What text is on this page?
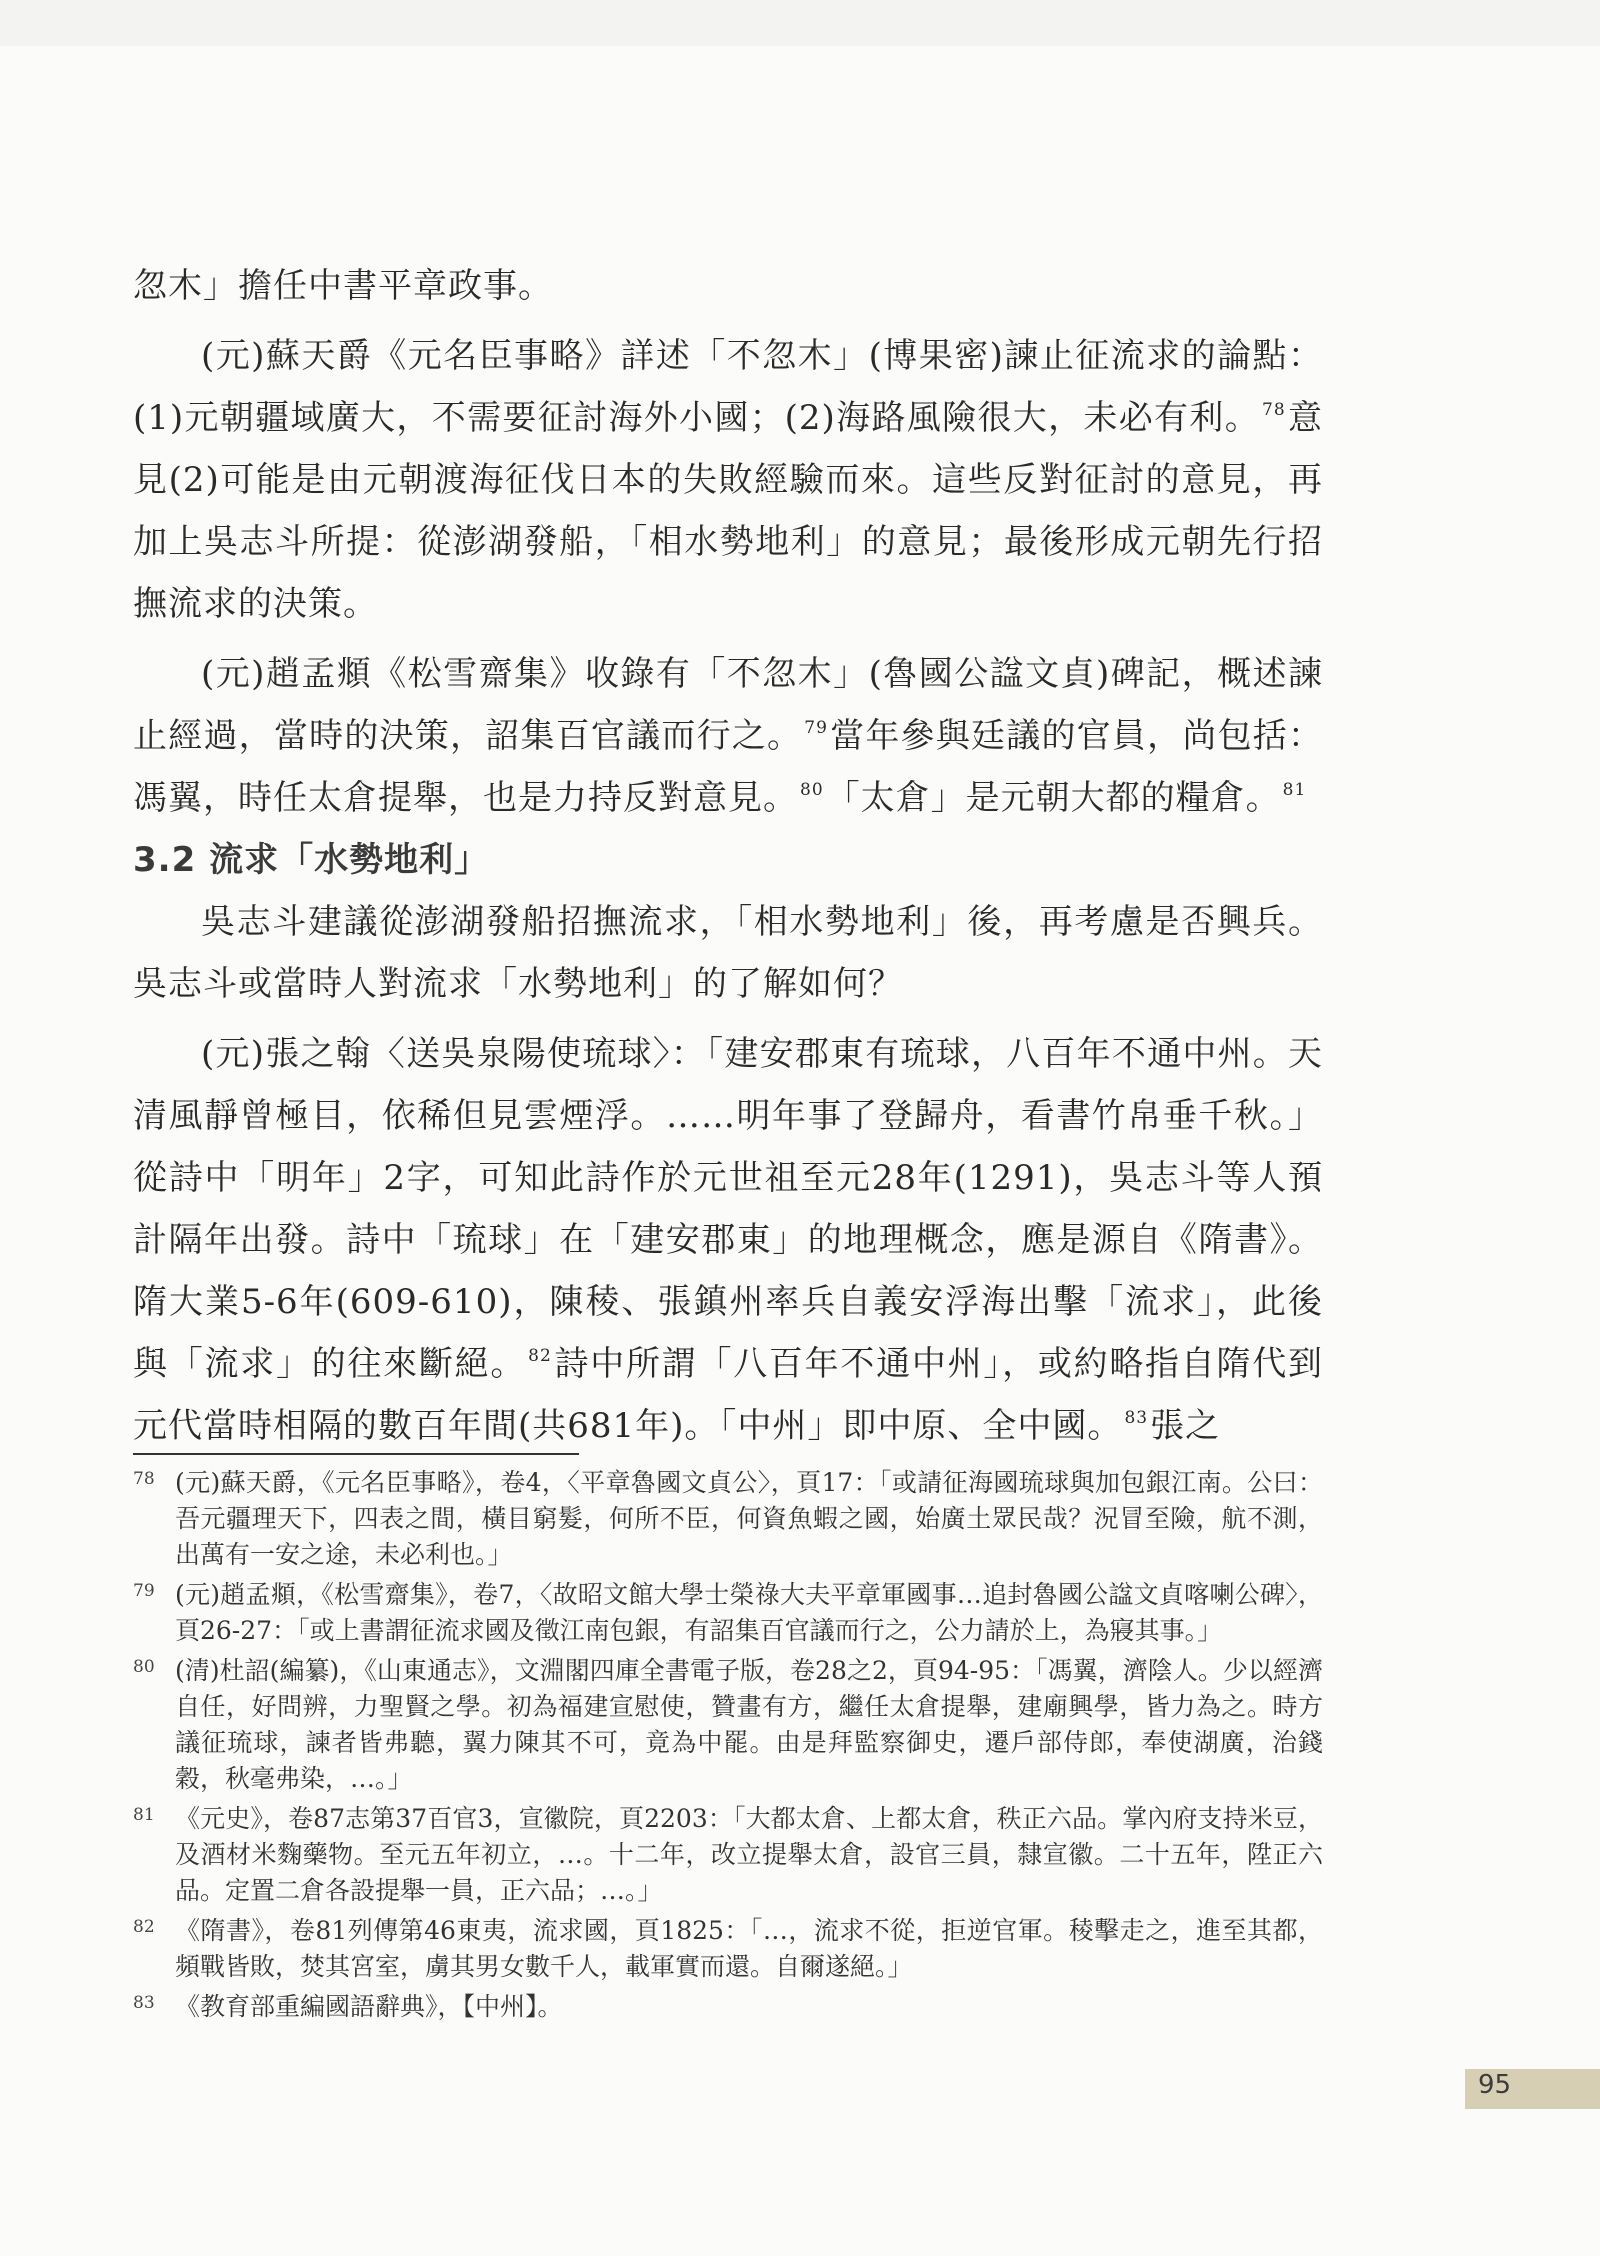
忽木」擔任中書平章政事。

(元)蘇天爵《元名臣事略》詳述「不忽木」(博果密)諫止征流求的論點：(1)元朝疆域廣大，不需要征討海外小國；(2)海路風險很大，未必有利。 $^{78}$意見(2)可能是由元朝渡海征伐日本的失敗經驗而來。這些反對征討的意見，再加上吳志斗所提：從澎湖發船，「相水勢地利」的意見；最後形成元朝先行招撫流求的決策。

(元)趙孟頫《松雪齋集》收錄有「不忽木」(魯國公諡文貞)碑記，概述諫止經過，當時的決策，詔集百官議而行之。 $^{79}$當年參與廷議的官員，尚包括：馮翼，時任太倉提舉，也是力持反對意見。 $^{80}$「太倉」是元朝大都的糧倉。 $^{81}$

3.2 流求「水勢地利」

吳志斗建議從澎湖發船招撫流求，「相水勢地利」後，再考慮是否興兵。吳志斗或當時人對流求「水勢地利」的了解如何？

(元)張之翰〈送吳泉陽使琉球〉：「建安郡東有琉球，八百年不通中州。天清風靜曾極目，依稀但見雲煙浮。……明年事了登歸舟，看書竹帛垂千秋。」從詩中「明年」2字，可知此詩作於元世祖至元28年(1291)，吳志斗等人預計隔年出發。詩中「琉球」在「建安郡東」的地理概念，應是源自《隋書》。隋大業5-6年(609-610)，陳稜、張鎮州率兵自義安浮海出擊「流求」，此後與「流求」的往來斷絕。 $^{82}$詩中所謂「八百年不通中州」，或約略指自隋代到元代當時相隔的數百年間(共681年)。「中州」即中原、全中國。 $^{83}$張之

78 (元)蘇天爵，《元名臣事略》，卷4，〈平章魯國文貞公〉，頁17：「或請征海國琉球與加包銀江南。公曰：吾元疆理天下，四表之間，橫目窮髮，何所不臣，何資魚蝦之國，始廣土眾民哉？況冒至險，航不測，出萬有一安之途，未必利也。」

79 (元)趙孟頫，《松雪齋集》，卷7，〈故昭文館大學士榮祿大夫平章軍國事…追封魯國公諡文貞喀喇公碑〉，頁26-27：「或上書謂征流求國及徵江南包銀，有詔集百官議而行之，公力請於上，為寢其事。」

80 (清)杜詔(編纂)，《山東通志》，文淵閣四庫全書電子版，卷28之2，頁94-95：「馮翼，濟陰人。少以經濟自任，好問辨，力聖賢之學。初為福建宣慰使，贊畫有方，繼任太倉提舉，建廟興學，皆力為之。時方議征琉球，諫者皆弗聽，翼力陳其不可，竟為中罷。由是拜監察御史，遷戶部侍郎，奉使湖廣，治錢穀，秋毫弗染，…。」

81 《元史》，卷87志第37百官3，宣徽院，頁2203：「大都太倉、上都太倉，秩正六品。掌內府支持米豆，及酒材米麴藥物。至元五年初立，…。十二年，改立提舉太倉，設官三員，隸宣徽。二十五年，陞正六品。定置二倉各設提舉一員，正六品；…。」

82 《隋書》，卷81列傳第46東夷，流求國，頁1825：「…，流求不從，拒逆官軍。稜擊走之，進至其都，頻戰皆敗，焚其宮室，虜其男女數千人，載軍實而還。自爾遂絕。」

83 《教育部重編國語辭典》，【中州】。

95
